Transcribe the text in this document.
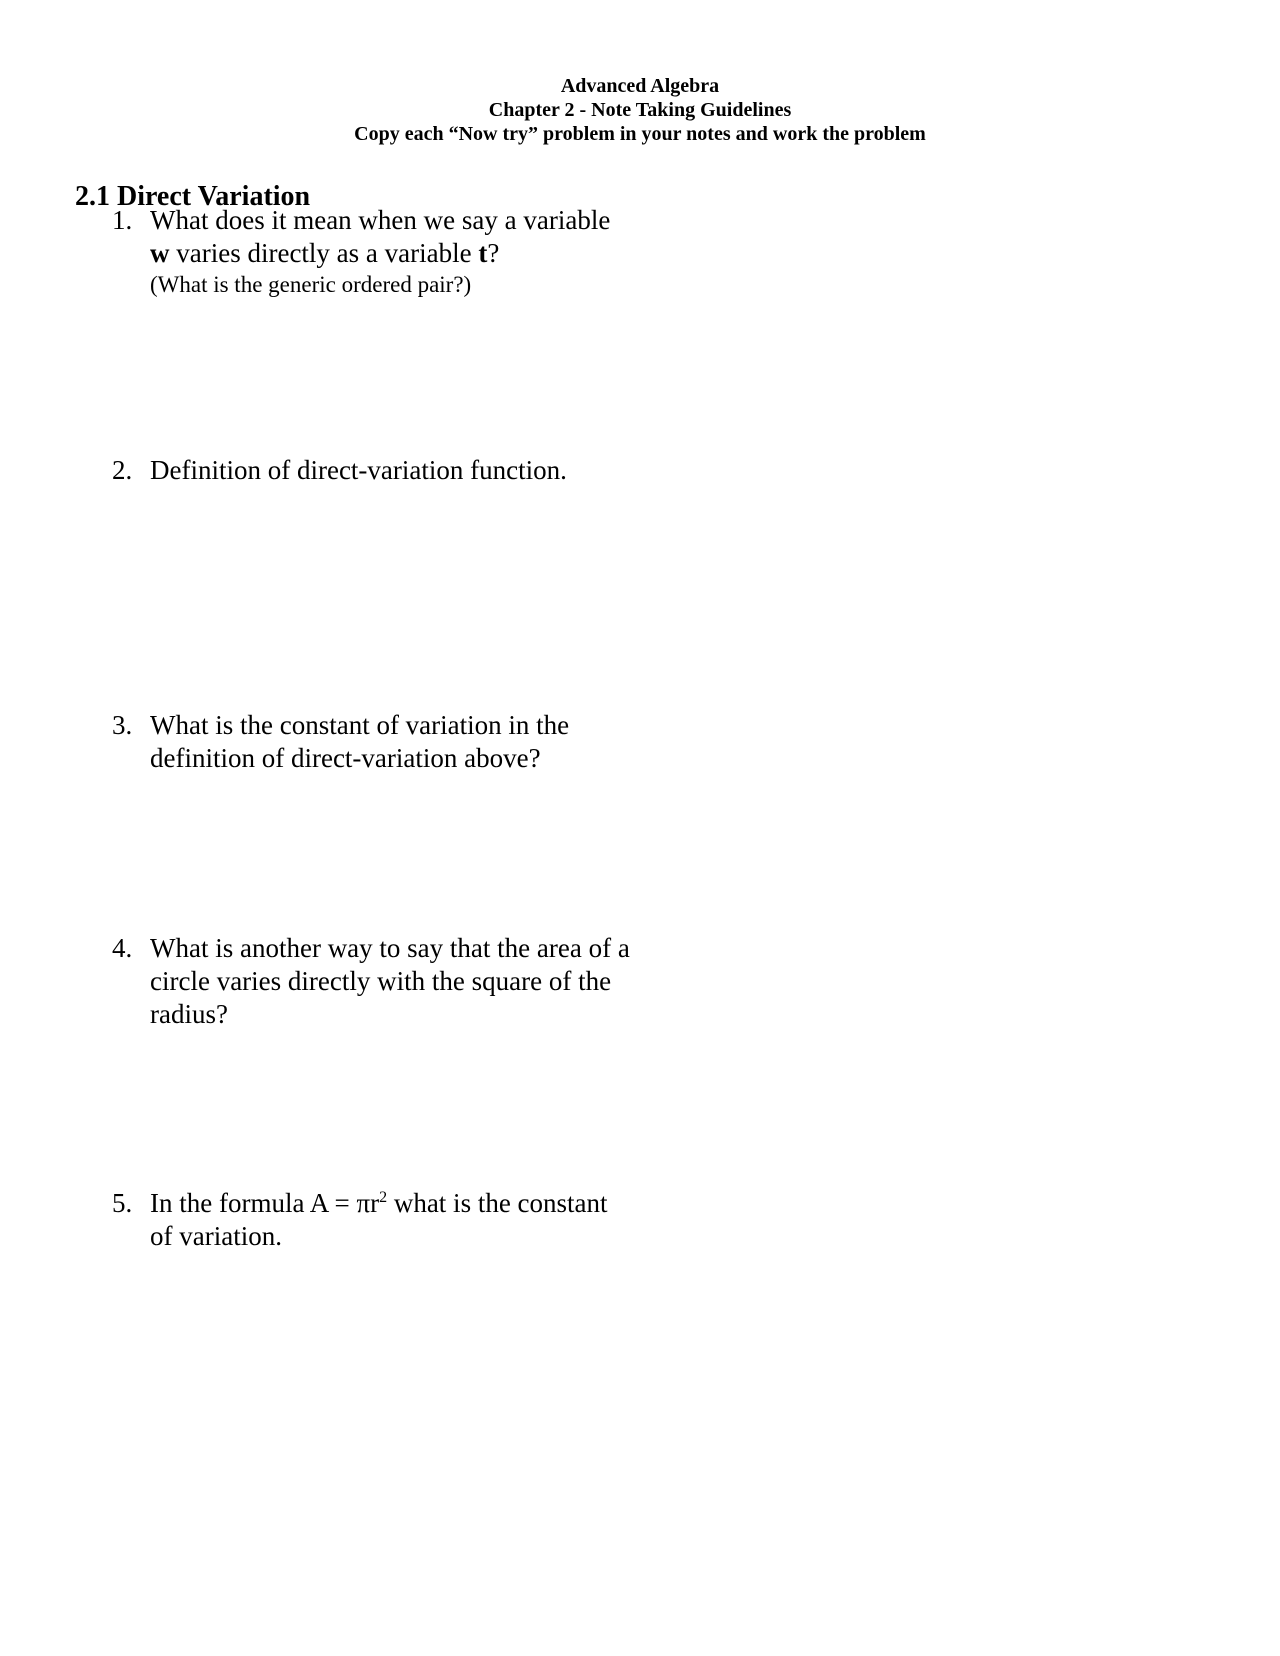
Advanced Algebra
Chapter 2 - Note Taking Guidelines
Copy each “Now try” problem in your notes and work the problem
2.1 Direct Variation
1. What does it mean when we say a variable
w varies directly as a variable t?
(What is the generic ordered pair?)
2. Definition of direct-variation function.
3. What is the constant of variation in the
definition of direct-variation above?
4. What is another way to say that the area of a
circle varies directly with the square of the
radius?
5. In the formula $A = \pi r^2$ what is the constant
of variation.
